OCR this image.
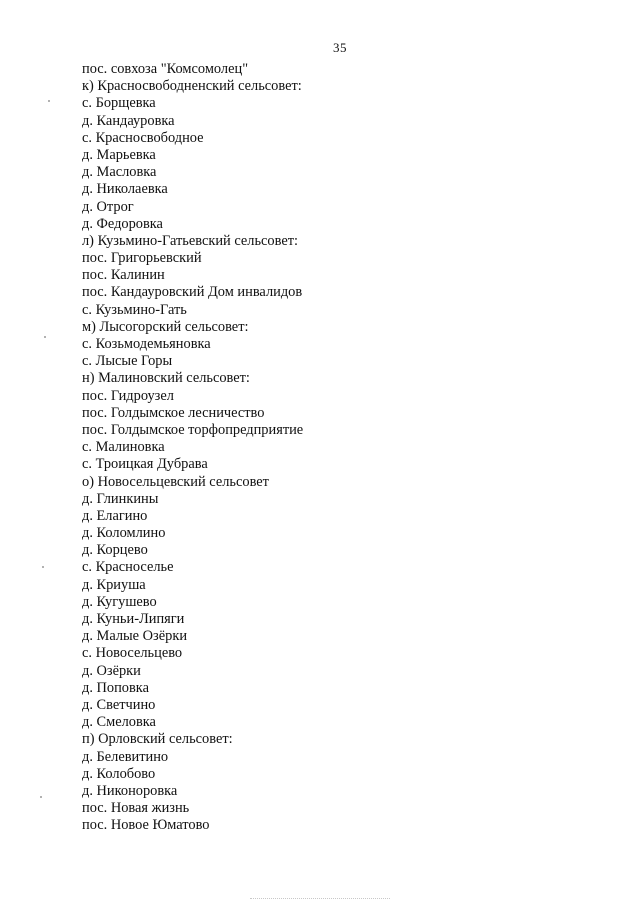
35
пос. совхоза "Комсомолец"
к) Красносвободненский сельсовет:
с. Борщевка
д. Кандауровка
с. Красносвободное
д. Марьевка
д. Масловка
д. Николаевка
д. Отрог
д. Федоровка
л) Кузьмино-Гатьевский сельсовет:
пос. Григорьевский
пос. Калинин
пос. Кандауровский Дом инвалидов
с. Кузьмино-Гать
м) Лысогорский сельсовет:
с. Козьмодемьяновка
с. Лысые Горы
н) Малиновский сельсовет:
пос. Гидроузел
пос. Голдымское лесничество
пос. Голдымское торфопредприятие
с. Малиновка
с. Троицкая Дубрава
о) Новосельцевский сельсовет
д. Глинкины
д. Елагино
д. Коломлино
д. Корцево
с. Красноселье
д. Криуша
д. Кугушево
д. Куньи-Липяги
д. Малые Озёрки
с. Новосельцево
д. Озёрки
д. Поповка
д. Светчино
д. Смеловка
п) Орловский сельсовет:
д. Белевитино
д. Колобово
д. Никоноровка
пос. Новая жизнь
пос. Новое Юматово
